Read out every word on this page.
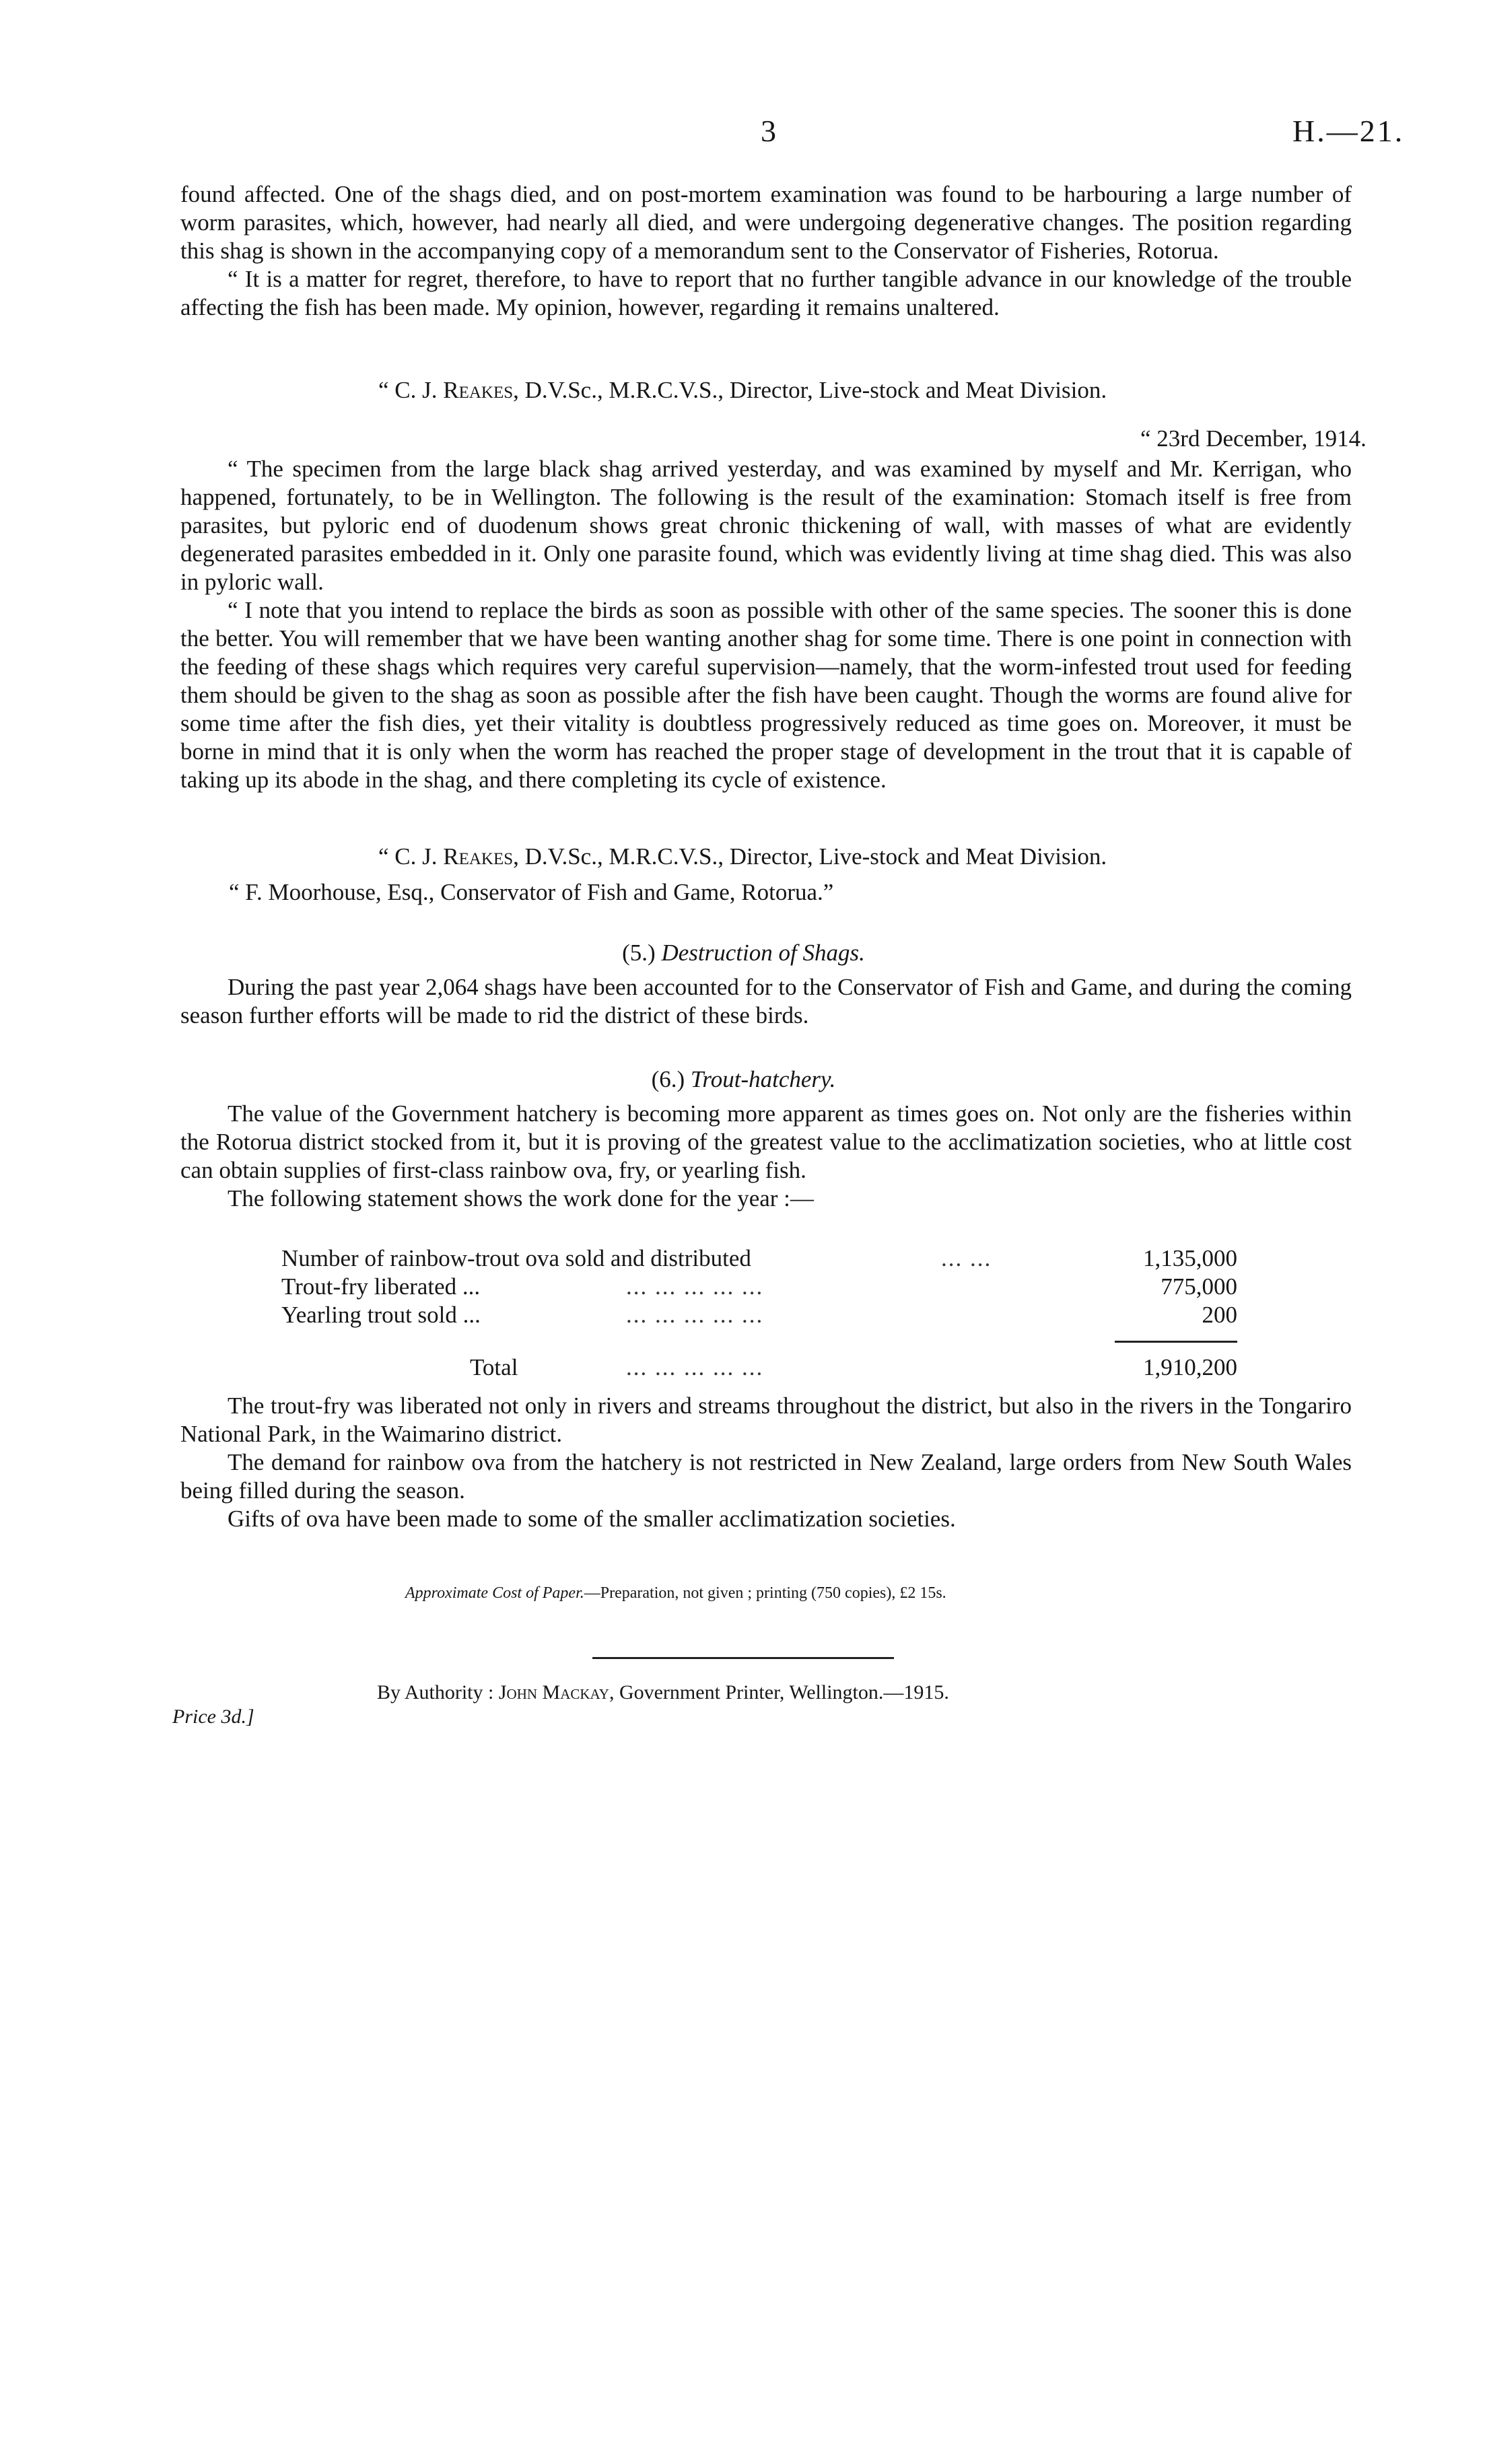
3	H.—21.

found affected. One of the shags died, and on post-mortem examination was found to be harbouring a large number of worm parasites, which, however, had nearly all died, and were undergoing degenerative changes. The position regarding this shag is shown in the accompanying copy of a memorandum sent to the Conservator of Fisheries, Rotorua.

“ It is a matter for regret, therefore, to have to report that no further tangible advance in our knowledge of the trouble affecting the fish has been made. My opinion, however, regarding it remains unaltered.

“ C. J. Reakes, D.V.Sc., M.R.C.V.S., Director, Live-stock and Meat Division.
“ 23rd December, 1914.

“ The specimen from the large black shag arrived yesterday, and was examined by myself and Mr. Kerrigan, who happened, fortunately, to be in Wellington. The following is the result of the examination: Stomach itself is free from parasites, but pyloric end of duodenum shows great chronic thickening of wall, with masses of what are evidently degenerated parasites embedded in it. Only one parasite found, which was evidently living at time shag died. This was also in pyloric wall.

“ I note that you intend to replace the birds as soon as possible with other of the same species. The sooner this is done the better. You will remember that we have been wanting another shag for some time. There is one point in connection with the feeding of these shags which requires very careful supervision—namely, that the worm-infested trout used for feeding them should be given to the shag as soon as possible after the fish have been caught. Though the worms are found alive for some time after the fish dies, yet their vitality is doubtless progressively reduced as time goes on. Moreover, it must be borne in mind that it is only when the worm has reached the proper stage of development in the trout that it is capable of taking up its abode in the shag, and there completing its cycle of existence.

“ C. J. Reakes, D.V.Sc., M.R.C.V.S., Director, Live-stock and Meat Division.
“ F. Moorhouse, Esq., Conservator of Fish and Game, Rotorua.”
(5.) Destruction of Shags.

During the past year 2,064 shags have been accounted for to the Conservator of Fish and Game, and during the coming season further efforts will be made to rid the district of these birds.

(6.) Trout-hatchery.

The value of the Government hatchery is becoming more apparent as times goes on. Not only are the fisheries within the Rotorua district stocked from it, but it is proving of the greatest value to the acclimatization societies, who at little cost can obtain supplies of first-class rainbow ova, fry, or yearling fish.

The following statement shows the work done for the year :—

Number of rainbow-trout ova sold and distributed	... ...	1,135,000
Trout-fry liberated ...	... ... ... ... ...	775,000
Yearling trout sold ...	... ... ... ... ...	200
Total	... ... ... ... ...	1,910,200

The trout-fry was liberated not only in rivers and streams throughout the district, but also in the rivers in the Tongariro National Park, in the Waimarino district.

The demand for rainbow ova from the hatchery is not restricted in New Zealand, large orders from New South Wales being filled during the season.

Gifts of ova have been made to some of the smaller acclimatization societies.

Approximate Cost of Paper.—Preparation, not given ; printing (750 copies), £2 15s.
By Authority : John Mackay, Government Printer, Wellington.—1915.
Price 3d.]
